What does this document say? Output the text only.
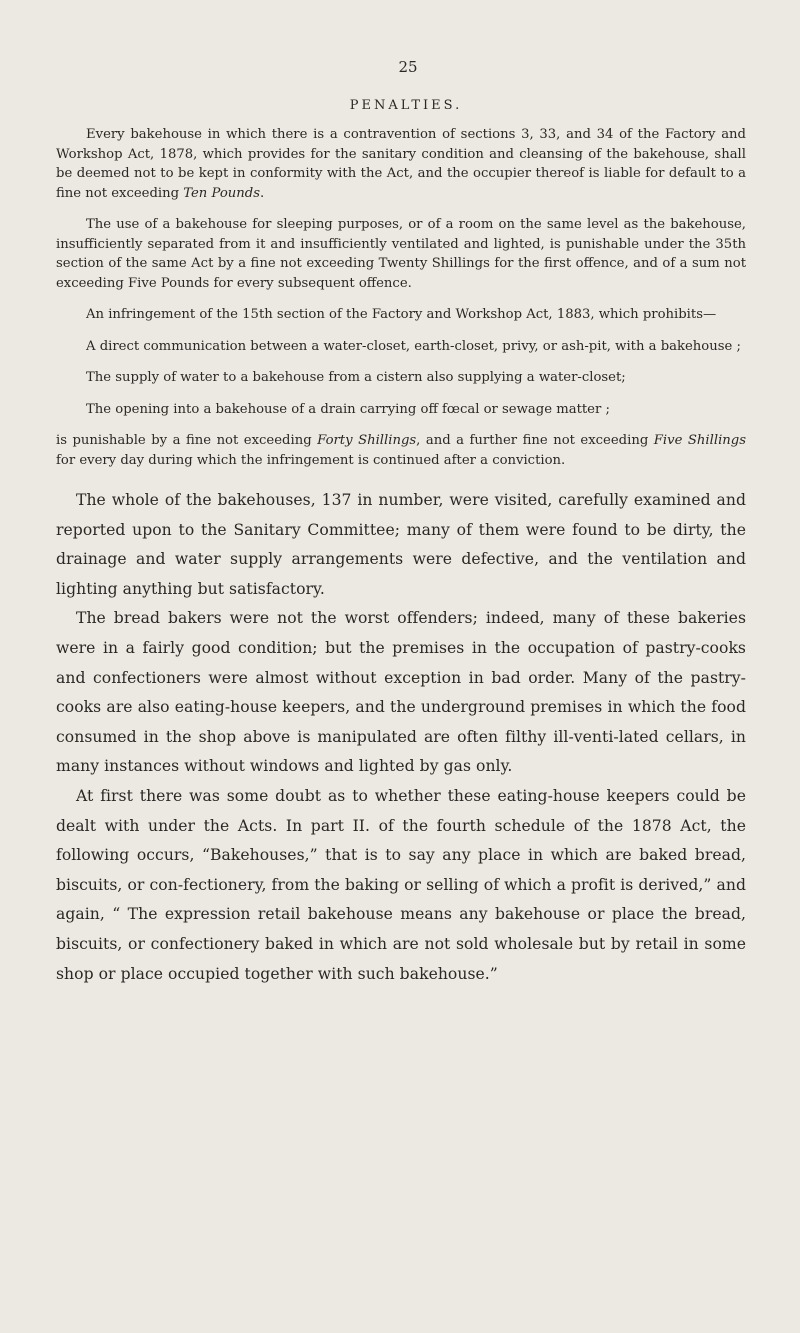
25
PENALTIES.

Every bakehouse in which there is a contravention of sections 3, 33, and 34 of the Factory and Workshop Act, 1878, which provides for the sanitary condition and cleansing of the bakehouse, shall be deemed not to be kept in conformity with the Act, and the occupier thereof is liable for default to a fine not exceeding Ten Pounds.

The use of a bakehouse for sleeping purposes, or of a room on the same level as the bakehouse, insufficiently separated from it and insufficiently ventilated and lighted, is punishable under the 35th section of the same Act by a fine not exceeding Twenty Shillings for the first offence, and of a sum not exceeding Five Pounds for every subsequent offence.

An infringement of the 15th section of the Factory and Workshop Act, 1883, which prohibits—

A direct communication between a water-closet, earth-closet, privy, or ash-pit, with a bakehouse ;

The supply of water to a bakehouse from a cistern also supplying a water-closet;

The opening into a bakehouse of a drain carrying off fœcal or sewage matter ;

is punishable by a fine not exceeding Forty Shillings, and a further fine not exceeding Five Shillings for every day during which the infringement is continued after a conviction.

The whole of the bakehouses, 137 in number, were visited, carefully examined and reported upon to the Sanitary Committee; many of them were found to be dirty, the drainage and water supply arrangements were defective, and the ventilation and lighting anything but satisfactory.

The bread bakers were not the worst offenders; indeed, many of these bakeries were in a fairly good condition; but the premises in the occupation of pastry-cooks and confectioners were almost without exception in bad order. Many of the pastry-cooks are also eating-house keepers, and the underground premises in which the food consumed in the shop above is manipulated are often filthy ill-venti-lated cellars, in many instances without windows and lighted by gas only.

At first there was some doubt as to whether these eating-house keepers could be dealt with under the Acts. In part II. of the fourth schedule of the 1878 Act, the following occurs, “Bakehouses,” that is to say any place in which are baked bread, biscuits, or con-fectionery, from the baking or selling of which a profit is derived,” and again, “ The expression retail bakehouse means any bakehouse or place the bread, biscuits, or confectionery baked in which are not sold wholesale but by retail in some shop or place occupied together with such bakehouse.”
